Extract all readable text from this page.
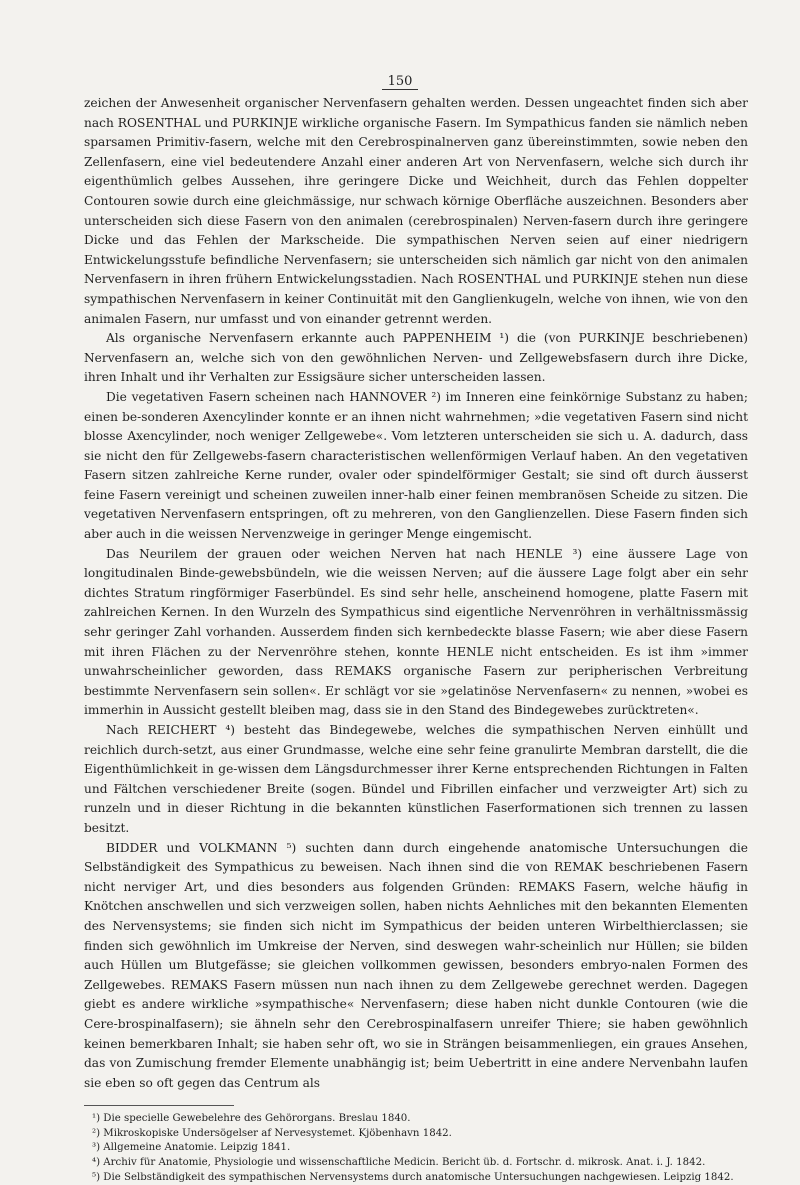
150

zeichen der Anwesenheit organischer Nervenfasern gehalten werden. Dessen ungeachtet finden sich aber nach ROSENTHAL und PURKINJE wirkliche organische Fasern. Im Sympathicus fanden sie nämlich neben sparsamen Primitiv-fasern, welche mit den Cerebrospinalnerven ganz übereinstimmten, sowie neben den Zellenfasern, eine viel bedeutendere Anzahl einer anderen Art von Nervenfasern, welche sich durch ihr eigenthümlich gelbes Aussehen, ihre geringere Dicke und Weichheit, durch das Fehlen doppelter Contouren sowie durch eine gleichmässige, nur schwach körnige Oberfläche auszeichnen. Besonders aber unterscheiden sich diese Fasern von den animalen (cerebrospinalen) Nerven-fasern durch ihre geringere Dicke und das Fehlen der Markscheide. Die sympathischen Nerven seien auf einer niedrigern Entwickelungsstufe befindliche Nervenfasern; sie unterscheiden sich nämlich gar nicht von den animalen Nervenfasern in ihren frühern Entwickelungsstadien. Nach ROSENTHAL und PURKINJE stehen nun diese sympathischen Nervenfasern in keiner Continuität mit den Ganglienkugeln, welche von ihnen, wie von den animalen Fasern, nur umfasst und von einander getrennt werden.

Als organische Nervenfasern erkannte auch PAPPENHEIM ¹) die (von PURKINJE beschriebenen) Nervenfasern an, welche sich von den gewöhnlichen Nerven- und Zellgewebsfasern durch ihre Dicke, ihren Inhalt und ihr Verhalten zur Essigsäure sicher unterscheiden lassen.

Die vegetativen Fasern scheinen nach HANNOVER ²) im Inneren eine feinkörnige Substanz zu haben; einen be-sonderen Axencylinder konnte er an ihnen nicht wahrnehmen; »die vegetativen Fasern sind nicht blosse Axencylinder, noch weniger Zellgewebe«. Vom letzteren unterscheiden sie sich u. A. dadurch, dass sie nicht den für Zellgewebs-fasern characteristischen wellenförmigen Verlauf haben. An den vegetativen Fasern sitzen zahlreiche Kerne runder, ovaler oder spindelförmiger Gestalt; sie sind oft durch äusserst feine Fasern vereinigt und scheinen zuweilen inner-halb einer feinen membranösen Scheide zu sitzen. Die vegetativen Nervenfasern entspringen, oft zu mehreren, von den Ganglienzellen. Diese Fasern finden sich aber auch in die weissen Nervenzweige in geringer Menge eingemischt.

Das Neurilem der grauen oder weichen Nerven hat nach HENLE ³) eine äussere Lage von longitudinalen Binde-gewebsbündeln, wie die weissen Nerven; auf die äussere Lage folgt aber ein sehr dichtes Stratum ringförmiger Faserbündel. Es sind sehr helle, anscheinend homogene, platte Fasern mit zahlreichen Kernen. In den Wurzeln des Sympathicus sind eigentliche Nervenröhren in verhältnissmässig sehr geringer Zahl vorhanden. Ausserdem finden sich kernbedeckte blasse Fasern; wie aber diese Fasern mit ihren Flächen zu der Nervenröhre stehen, konnte HENLE nicht entscheiden. Es ist ihm »immer unwahrscheinlicher geworden, dass REMAKS organische Fasern zur peripherischen Verbreitung bestimmte Nervenfasern sein sollen«. Er schlägt vor sie »gelatinöse Nervenfasern« zu nennen, »wobei es immerhin in Aussicht gestellt bleiben mag, dass sie in den Stand des Bindegewebes zurücktreten«.

Nach REICHERT ⁴) besteht das Bindegewebe, welches die sympathischen Nerven einhüllt und reichlich durch-setzt, aus einer Grundmasse, welche eine sehr feine granulirte Membran darstellt, die die Eigenthümlichkeit in ge-wissen dem Längsdurchmesser ihrer Kerne entsprechenden Richtungen in Falten und Fältchen verschiedener Breite (sogen. Bündel und Fibrillen einfacher und verzweigter Art) sich zu runzeln und in dieser Richtung in die bekannten künstlichen Faserformationen sich trennen zu lassen besitzt.

BIDDER und VOLKMANN ⁵) suchten dann durch eingehende anatomische Untersuchungen die Selbständigkeit des Sympathicus zu beweisen. Nach ihnen sind die von REMAK beschriebenen Fasern nicht nerviger Art, und dies besonders aus folgenden Gründen: REMAKS Fasern, welche häufig in Knötchen anschwellen und sich verzweigen sollen, haben nichts Aehnliches mit den bekannten Elementen des Nervensystems; sie finden sich nicht im Sympathicus der beiden unteren Wirbelthierclassen; sie finden sich gewöhnlich im Umkreise der Nerven, sind deswegen wahr-scheinlich nur Hüllen; sie bilden auch Hüllen um Blutgefässe; sie gleichen vollkommen gewissen, besonders embryo-nalen Formen des Zellgewebes. REMAKS Fasern müssen nun nach ihnen zu dem Zellgewebe gerechnet werden. Dagegen giebt es andere wirkliche »sympathische« Nervenfasern; diese haben nicht dunkle Contouren (wie die Cere-brospinalfasern); sie ähneln sehr den Cerebrospinalfasern unreifer Thiere; sie haben gewöhnlich keinen bemerkbaren Inhalt; sie haben sehr oft, wo sie in Strängen beisammenliegen, ein graues Ansehen, das von Zumischung fremder Elemente unabhängig ist; beim Uebertritt in eine andere Nervenbahn laufen sie eben so oft gegen das Centrum als

¹) Die specielle Gewebelehre des Gehörorgans. Breslau 1840.
²) Mikroskopiske Undersögelser af Nervesystemet. Kjöbenhavn 1842.
³) Allgemeine Anatomie. Leipzig 1841.
⁴) Archiv für Anatomie, Physiologie und wissenschaftliche Medicin. Bericht üb. d. Fortschr. d. mikrosk. Anat. i. J. 1842.
⁵) Die Selbständigkeit des sympathischen Nervensystems durch anatomische Untersuchungen nachgewiesen. Leipzig 1842.
